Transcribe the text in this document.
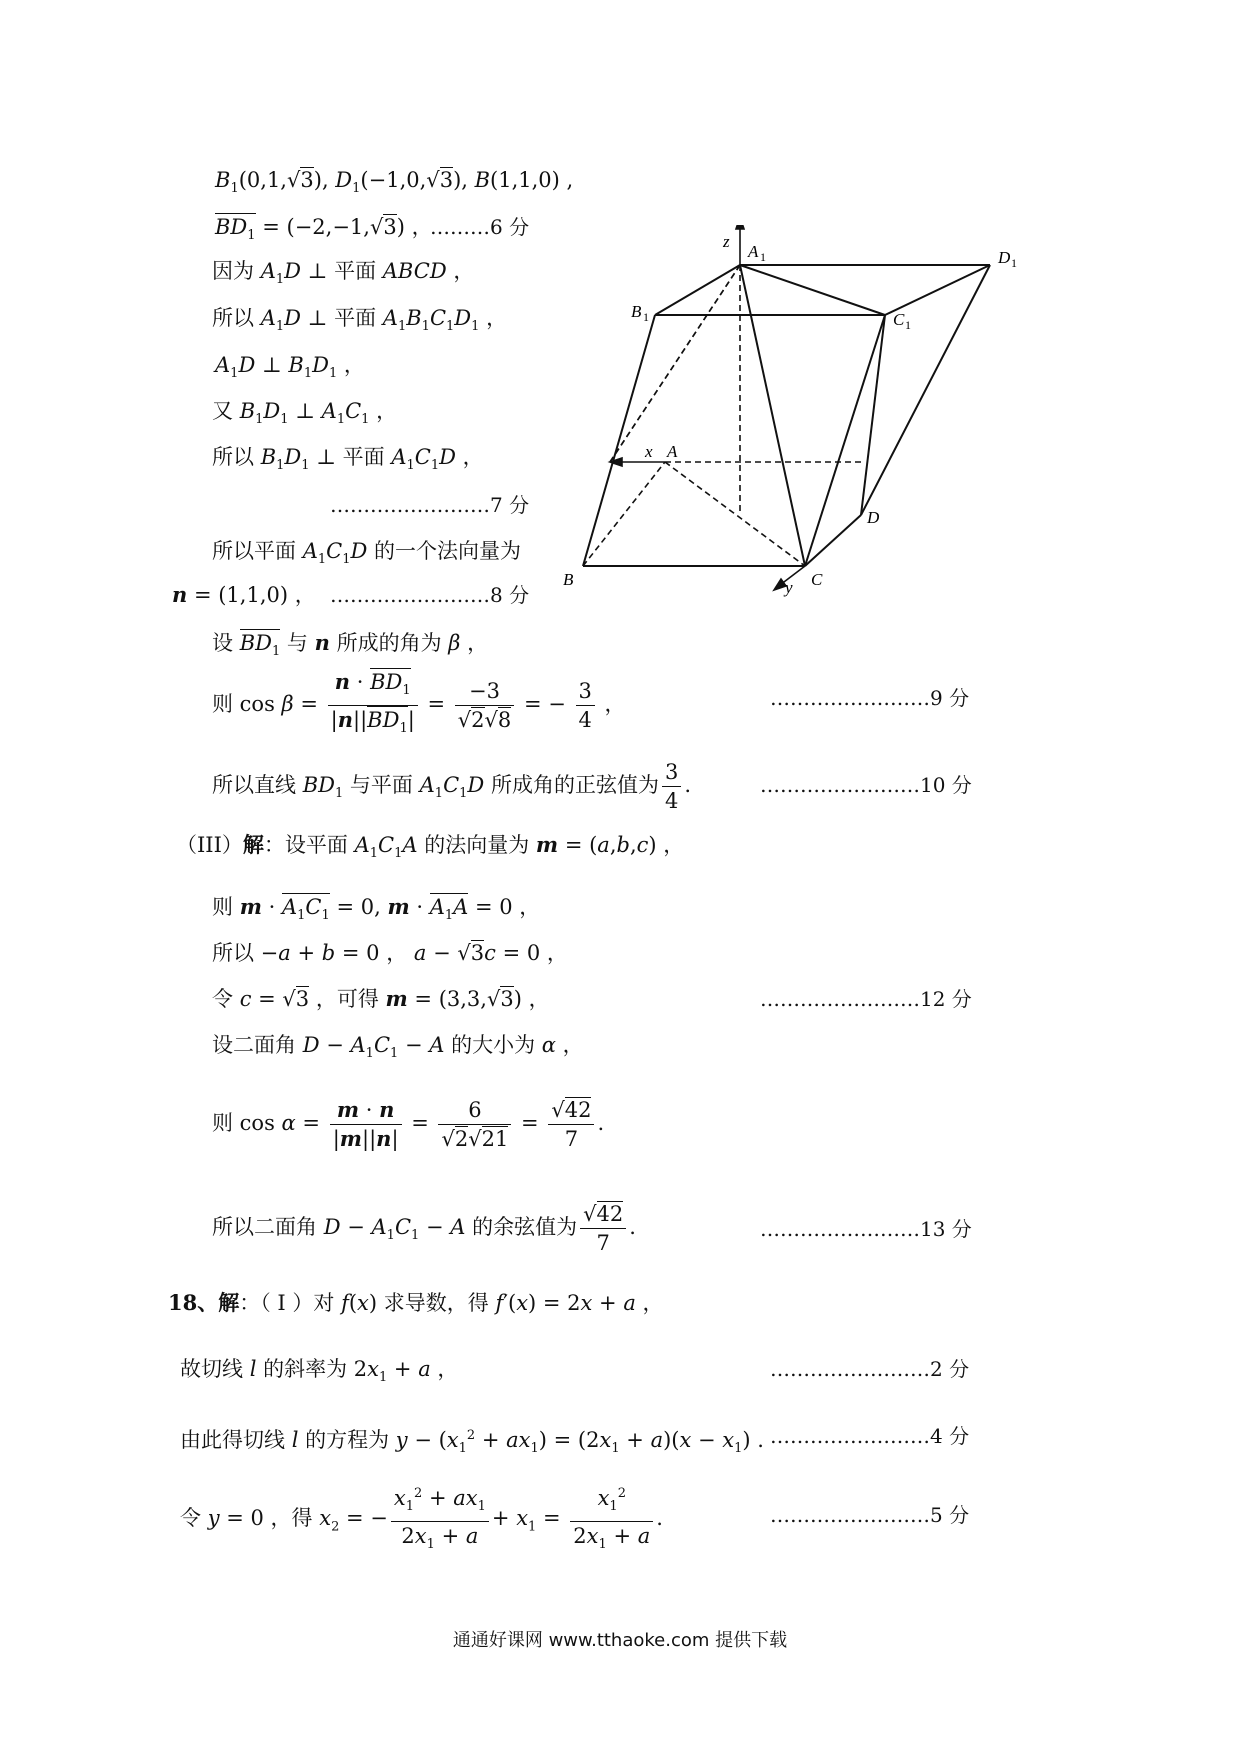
$B_1(0,1,√3)$, $D_1(-1,0,√3)$, B(1,1,0) ,
$BD_1 = (-2,-1,√3)$ ，
………6 分
因为 $A_1D$ ⊥ 平面 ABCD ，
所以 $A_1D$ ⊥ 平面 $A_1B_1C_1D_1$ ，
$A_1D$ ⊥ $B_1D_1$ ，
又 $B_1D_1$ ⊥ $A_1C_1$ ，
所以 $B_1D_1$ ⊥ 平面 $A_1C_1D$ ，
……………………7 分
所以平面 $A_1C_1D$ 的一个法向量为
n = (1,1,0) ， ……………………8 分
设 $BD_1$ 与 n 所成的角为 β ，
则 $\cos \beta = \frac{n \cdot BD_1}{|n||BD_1|} = \frac{-3}{√2√8}$ = − $\frac{3}{4}$ ，	……………………9 分
所以直线 $BD_1$ 与平面 $A_1C_1D$ 所成角的正弦值为 $\frac{3}{4}$ .	……………………10 分
（III）解：设平面 $A_1C_1A$ 的法向量为 m = (a,b,c) ，
则 $m \cdot A_1C_1 = 0$, $m \cdot A_1A = 0$ ，
所以 −a + b = 0 ， a − √3c = 0 ，
令 c = √3 ，可得 m = (3,3,√3) ，	……………………12 分
设二面角 $D - A_1C_1 - A$ 的大小为 α ，
则 $\cos \alpha = \frac{m \cdot n}{|m||n|} = \frac{6}{√2√21} = \frac{√42}{7}$ .
所以二面角 $D - A_1C_1 - A$ 的余弦值为 $\frac{√42}{7}$ .	……………………13 分
18、解：（ I ）对 f(x) 求导数，得 f′(x) = 2x + a ，
故切线 l 的斜率为 $2x_1 + a$ ，	……………………2 分
由此得切线 l 的方程为 $y - (x_1^2 + ax_1) = (2x_1 + a)(x - x_1)$ . ……………………4 分
令 y = 0 ，得 $x_2$ = − $\frac{x_1^2 + ax_1}{2x_1 + a} + x_1 = \frac{x_1^2}{2x_1 + a}$ .	……………………5 分
z
A 1	D 1
B 1	C 1
x A
D
B	y C
通通好课网 www.tthaoke.com 提供下载
